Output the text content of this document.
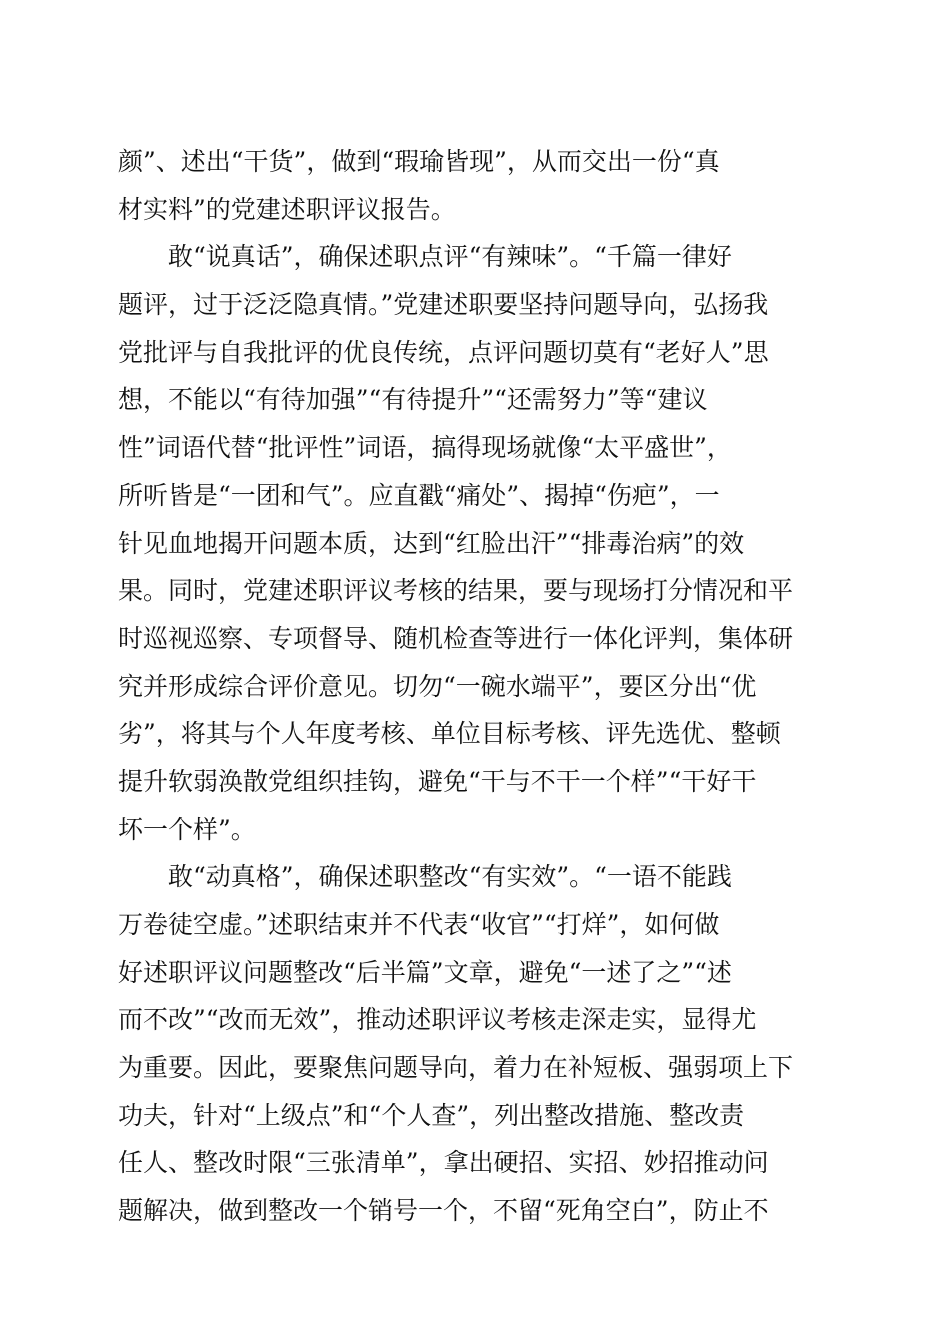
颜”、述出“干货”，做到“瑕瑜皆现”，从而交出一份“真
材实料”的党建述职评议报告。
敢“说真话”，确保述职点评“有辣味”。“千篇一律好
题评，过于泛泛隐真情。”党建述职要坚持问题导向，弘扬我
党批评与自我批评的优良传统，点评问题切莫有“老好人”思
想，不能以“有待加强”“有待提升”“还需努力”等“建议
性”词语代替“批评性”词语，搞得现场就像“太平盛世”，
所听皆是“一团和气”。应直戳“痛处”、揭掉“伤疤”，一
针见血地揭开问题本质，达到“红脸出汗”“排毒治病”的效
果。同时，党建述职评议考核的结果，要与现场打分情况和平
时巡视巡察、专项督导、随机检查等进行一体化评判，集体研
究并形成综合评价意见。切勿“一碗水端平”，要区分出“优
劣”，将其与个人年度考核、单位目标考核、评先选优、整顿
提升软弱涣散党组织挂钩，避免“干与不干一个样”“干好干
坏一个样”。
敢“动真格”，确保述职整改“有实效”。“一语不能践
万卷徒空虚。”述职结束并不代表“收官”“打烊”，如何做
好述职评议问题整改“后半篇”文章，避免“一述了之”“述
而不改”“改而无效”，推动述职评议考核走深走实，显得尤
为重要。因此，要聚焦问题导向，着力在补短板、强弱项上下
功夫，针对“上级点”和“个人查”，列出整改措施、整改责
任人、整改时限“三张清单”，拿出硬招、实招、妙招推动问
题解决，做到整改一个销号一个，不留“死角空白”，防止不
